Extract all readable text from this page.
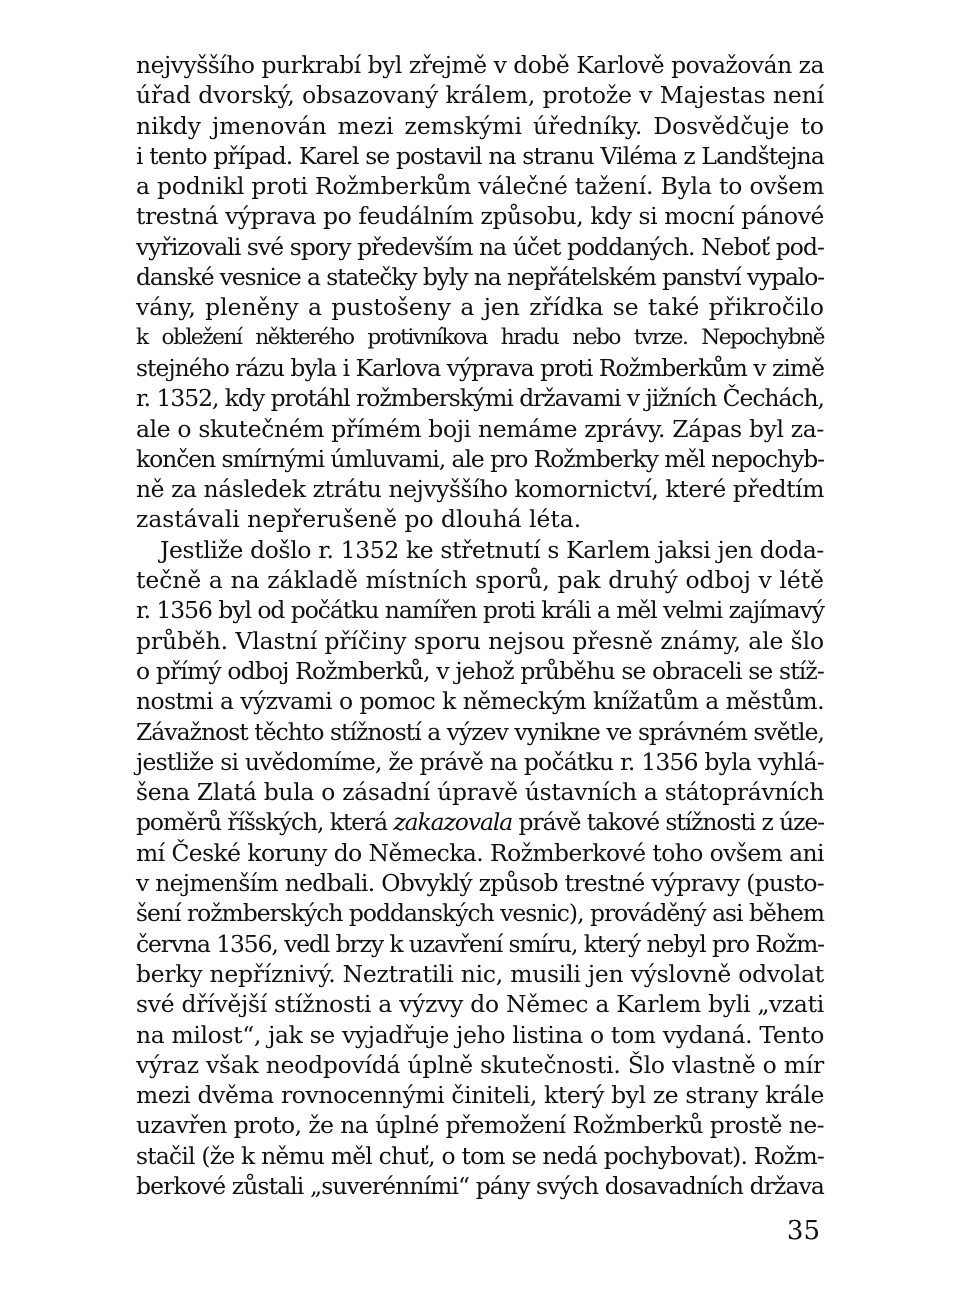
nejvyššího purkrabí byl zřejmě v době Karlově považován za
úřad dvorský, obsazovaný králem, protože v Majestas není
nikdy jmenován mezi zemskými úředníky. Dosvědčuje to
i tento případ. Karel se postavil na stranu Viléma z Landštejna
a podnikl proti Rožmberkům válečné tažení. Byla to ovšem
trestná výprava po feudálním způsobu, kdy si mocní pánové
vyřizovali své spory především na účet poddaných. Neboť pod-
danské vesnice a statečky byly na nepřátelském panství vypalo-
vány, pleněny a pustošeny a jen zřídka se také přikročilo
k obležení některého protivníkova hradu nebo tvrze. Nepochybně
stejného rázu byla i Karlova výprava proti Rožmberkům v zimě
r. 1352, kdy protáhl rožmberskými državami v jižních Čechách,
ale o skutečném přímém boji nemáme zprávy. Zápas byl za-
končen smírnými úmluvami, ale pro Rožmberky měl nepochyb-
ně za následek ztrátu nejvyššího komornictví, které předtím
zastávali nepřerušeně po dlouhá léta.
Jestliže došlo r. 1352 ke střetnutí s Karlem jaksi jen doda-
tečně a na základě místních sporů, pak druhý odboj v létě
r. 1356 byl od počátku namířen proti králi a měl velmi zajímavý
průběh. Vlastní příčiny sporu nejsou přesně známy, ale šlo
o přímý odboj Rožmberků, v jehož průběhu se obraceli se stíž-
nostmi a výzvami o pomoc k německým knížatům a městům.
Závažnost těchto stížností a výzev vynikne ve správném světle,
jestliže si uvědomíme, že právě na počátku r. 1356 byla vyhlá-
šena Zlatá bula o zásadní úpravě ústavních a státoprávních
poměrů říšských, která zakazovala právě takové stížnosti z úze-
mí České koruny do Německa. Rožmberkové toho ovšem ani
v nejmenším nedbali. Obvyklý způsob trestné výpravy (pusto-
šení rožmberských poddanských vesnic), prováděný asi během
června 1356, vedl brzy k uzavření smíru, který nebyl pro Rožm-
berky nepříznivý. Neztratili nic, musili jen výslovně odvolat
své dřívější stížnosti a výzvy do Němec a Karlem byli „vzati
na milost“, jak se vyjadřuje jeho listina o tom vydaná. Tento
výraz však neodpovídá úplně skutečnosti. Šlo vlastně o mír
mezi dvěma rovnocennými činiteli, který byl ze strany krále
uzavřen proto, že na úplné přemožení Rožmberků prostě ne-
stačil (že k němu měl chuť, o tom se nedá pochybovat). Rožm-
berkové zůstali „suverénními“ pány svých dosavadních država
35
